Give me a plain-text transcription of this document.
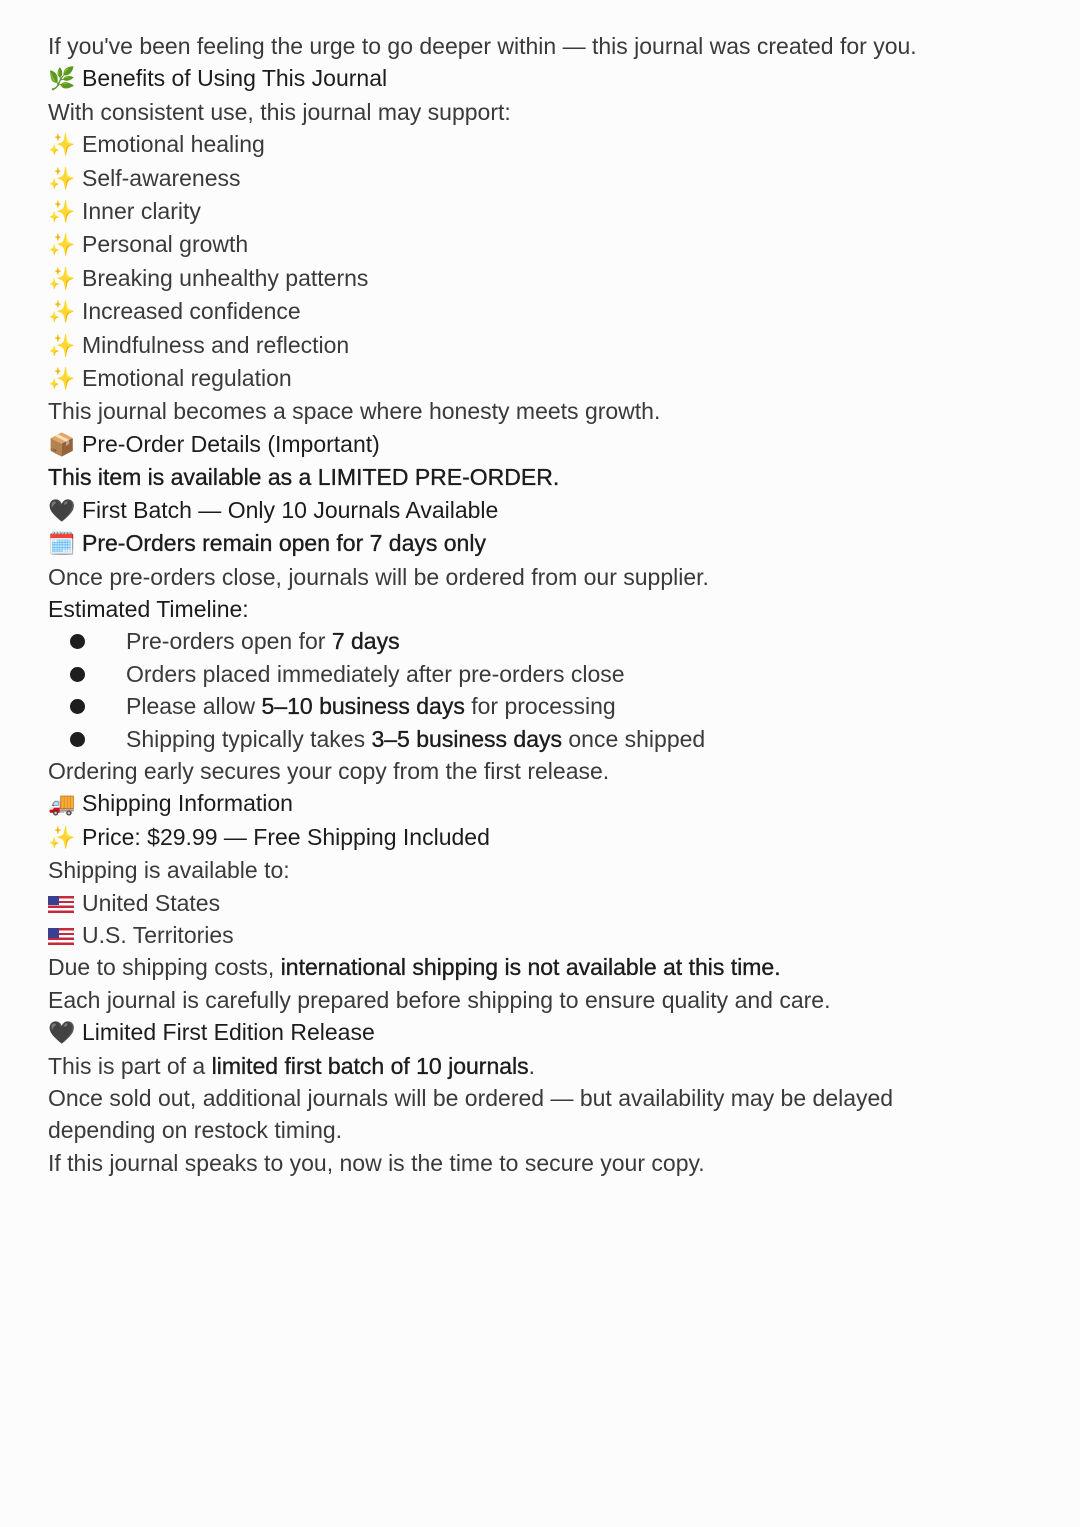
If you've been feeling the urge to go deeper within — this journal was created for you.

🌿 Benefits of Using This Journal

With consistent use, this journal may support:

✨ Emotional healing

✨ Self-awareness

✨ Inner clarity

✨ Personal growth

✨ Breaking unhealthy patterns

✨ Increased confidence

✨ Mindfulness and reflection

✨ Emotional regulation

This journal becomes a space where honesty meets growth.

📦 Pre-Order Details (Important)

This item is available as a LIMITED PRE-ORDER.

🖤 First Batch — Only 10 Journals Available

🗓️ Pre-Orders remain open for 7 days only

Once pre-orders close, journals will be ordered from our supplier.

Estimated Timeline:

Pre-orders open for 7 days
Orders placed immediately after pre-orders close
Please allow 5–10 business days for processing
Shipping typically takes 3–5 business days once shipped

Ordering early secures your copy from the first release.

🚚 Shipping Information

✨ Price: $29.99 — Free Shipping Included

Shipping is available to:

United States

U.S. Territories

Due to shipping costs, international shipping is not available at this time.

Each journal is carefully prepared before shipping to ensure quality and care.

🖤 Limited First Edition Release

This is part of a limited first batch of 10 journals.

Once sold out, additional journals will be ordered — but availability may be delayed depending on restock timing.

If this journal speaks to you, now is the time to secure your copy.
